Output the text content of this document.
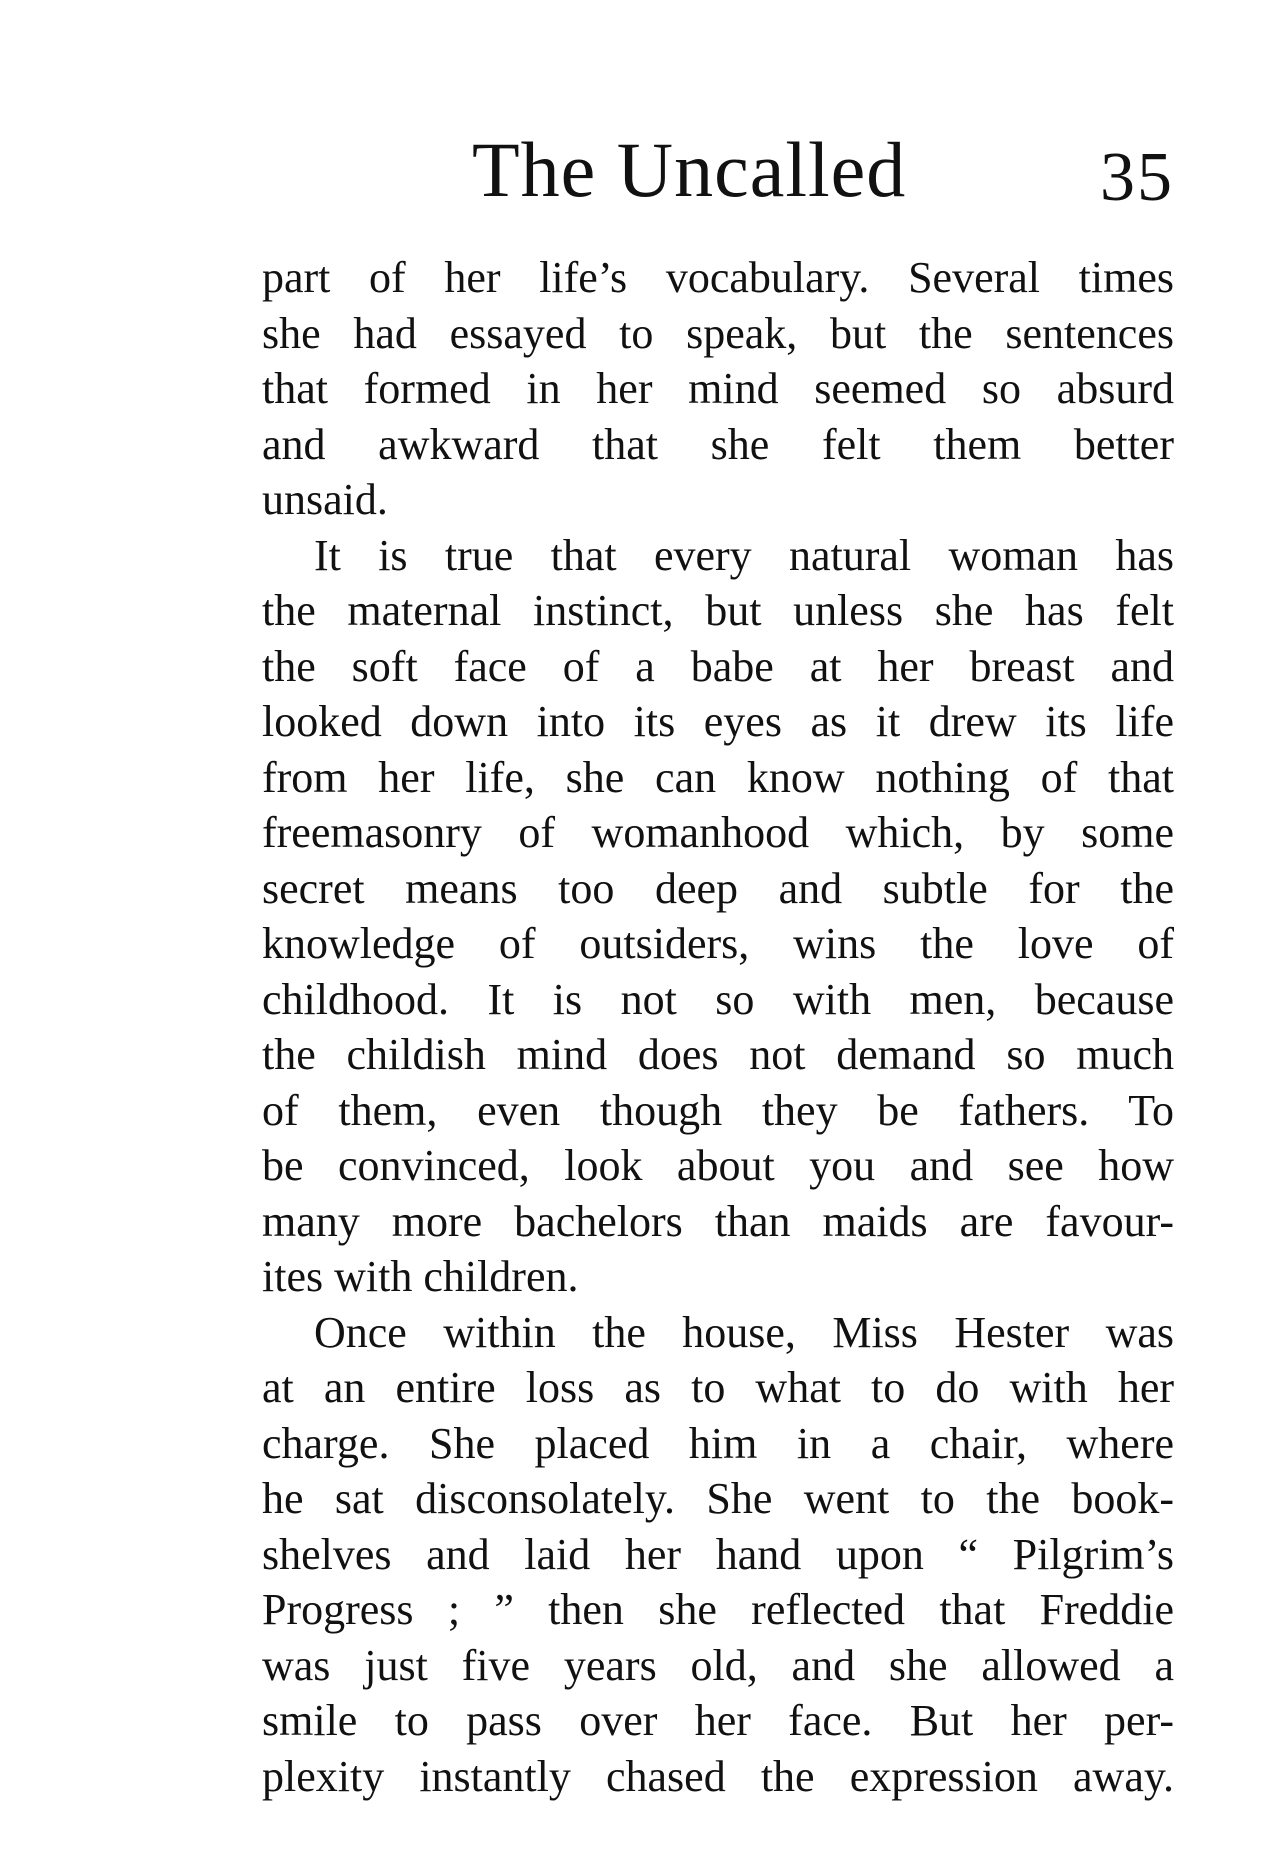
The Uncalled	35
part of her life’s vocabulary. Several times
she had essayed to speak, but the sentences
that formed in her mind seemed so absurd
and awkward that she felt them better
unsaid.
It is true that every natural woman has
the maternal instinct, but unless she has felt
the soft face of a babe at her breast and
looked down into its eyes as it drew its life
from her life, she can know nothing of that
freemasonry of womanhood which, by some
secret means too deep and subtle for the
knowledge of outsiders, wins the love of
childhood. It is not so with men, because
the childish mind does not demand so much
of them, even though they be fathers. To
be convinced, look about you and see how
many more bachelors than maids are favour-
ites with children.
Once within the house, Miss Hester was
at an entire loss as to what to do with her
charge. She placed him in a chair, where
he sat disconsolately. She went to the book-
shelves and laid her hand upon “ Pilgrim’s
Progress ; ” then she reflected that Freddie
was just five years old, and she allowed a
smile to pass over her face. But her per-
plexity instantly chased the expression away.
